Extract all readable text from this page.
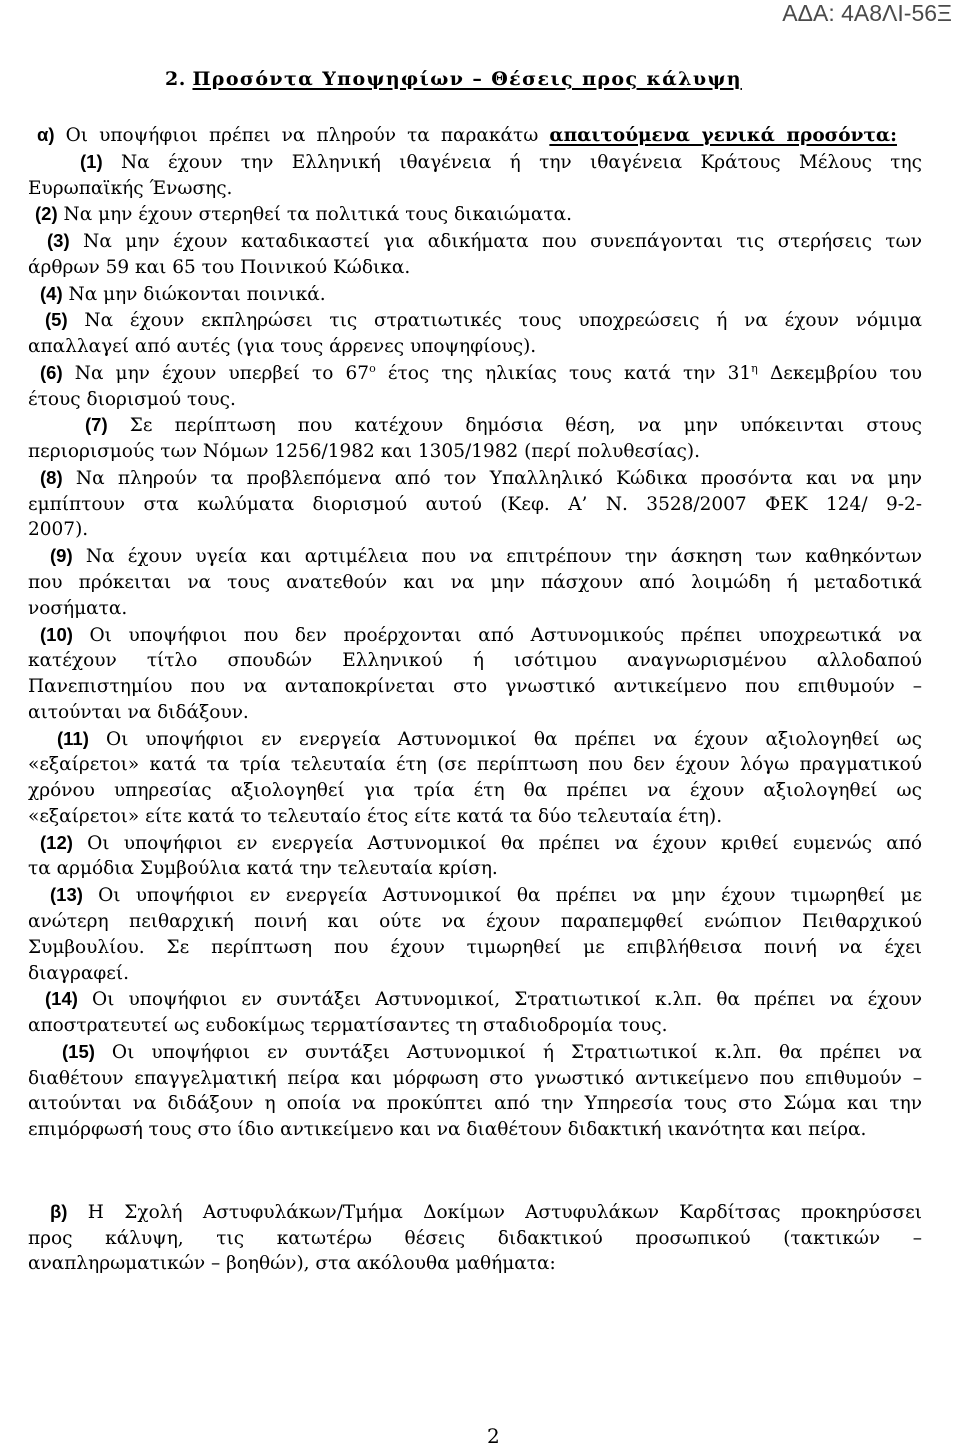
ΑΔΑ: 4Α8ΛΙ-56Ξ
2. Προσόντα Υποψηφίων – Θέσεις προς κάλυψη
α) Οι υποψήφιοι πρέπει να πληρούν τα παρακάτω απαιτούμενα γενικά προσόντα:
(1) Να έχουν την Ελληνική ιθαγένεια ή την ιθαγένεια Κράτους Μέλους της
Ευρωπαϊκής Ένωσης.
(2) Να μην έχουν στερηθεί τα πολιτικά τους δικαιώματα.
(3) Να μην έχουν καταδικαστεί για αδικήματα που συνεπάγονται τις στερήσεις των
άρθρων 59 και 65 του Ποινικού Κώδικα.
(4) Να μην διώκονται ποινικά.
(5) Να έχουν εκπληρώσει τις στρατιωτικές τους υποχρεώσεις ή να έχουν νόμιμα
απαλλαγεί από αυτές (για τους άρρενες υποψηφίους).
(6) Να μην έχουν υπερβεί το $67^o$ έτος της ηλικίας τους κατά την $31^\eta$ Δεκεμβρίου του
έτους διορισμού τους.
(7) Σε περίπτωση που κατέχουν δημόσια θέση, να μην υπόκεινται στους
περιορισμούς των Νόμων 1256/1982 και 1305/1982 (περί πολυθεσίας).
(8) Να πληρούν τα προβλεπόμενα από τον Υπαλληλικό Κώδικα προσόντα και να μην
εμπίπτουν στα κωλύματα διορισμού αυτού (Κεφ. Α’ Ν. 3528/2007 ΦΕΚ 124/ 9-2-
2007).
(9) Να έχουν υγεία και αρτιμέλεια που να επιτρέπουν την άσκηση των καθηκόντων
που πρόκειται να τους ανατεθούν και να μην πάσχουν από λοιμώδη ή μεταδοτικά
νοσήματα.
(10) Οι υποψήφιοι που δεν προέρχονται από Αστυνομικούς πρέπει υποχρεωτικά να
κατέχουν τίτλο σπουδών Ελληνικού ή ισότιμου αναγνωρισμένου αλλοδαπού
Πανεπιστημίου που να ανταποκρίνεται στο γνωστικό αντικείμενο που επιθυμούν –
αιτούνται να διδάξουν.
(11) Οι υποψήφιοι εν ενεργεία Αστυνομικοί θα πρέπει να έχουν αξιολογηθεί ως
«εξαίρετοι» κατά τα τρία τελευταία έτη (σε περίπτωση που δεν έχουν λόγω πραγματικού
χρόνου υπηρεσίας αξιολογηθεί για τρία έτη θα πρέπει να έχουν αξιολογηθεί ως
«εξαίρετοι» είτε κατά το τελευταίο έτος είτε κατά τα δύο τελευταία έτη).
(12) Οι υποψήφιοι εν ενεργεία Αστυνομικοί θα πρέπει να έχουν κριθεί ευμενώς από
τα αρμόδια Συμβούλια κατά την τελευταία κρίση.
(13) Οι υποψήφιοι εν ενεργεία Αστυνομικοί θα πρέπει να μην έχουν τιμωρηθεί με
ανώτερη πειθαρχική ποινή και ούτε να έχουν παραπεμφθεί ενώπιον Πειθαρχικού
Συμβουλίου. Σε περίπτωση που έχουν τιμωρηθεί με επιβλήθεισα ποινή να έχει
διαγραφεί.
(14) Οι υποψήφιοι εν συντάξει Αστυνομικοί, Στρατιωτικοί κ.λπ. θα πρέπει να έχουν
αποστρατευτεί ως ευδοκίμως τερματίσαντες τη σταδιοδρομία τους.
(15) Οι υποψήφιοι εν συντάξει Αστυνομικοί ή Στρατιωτικοί κ.λπ. θα πρέπει να
διαθέτουν επαγγελματική πείρα και μόρφωση στο γνωστικό αντικείμενο που επιθυμούν –
αιτούνται να διδάξουν η οποία να προκύπτει από την Υπηρεσία τους στο Σώμα και την
επιμόρφωσή τους στο ίδιο αντικείμενο και να διαθέτουν διδακτική ικανότητα και πείρα.
β) Η Σχολή Αστυφυλάκων/Τμήμα Δοκίμων Αστυφυλάκων Καρδίτσας προκηρύσσει
προς κάλυψη, τις κατωτέρω θέσεις διδακτικού προσωπικού (τακτικών –
αναπληρωματικών – βοηθών), στα ακόλουθα μαθήματα:
2
